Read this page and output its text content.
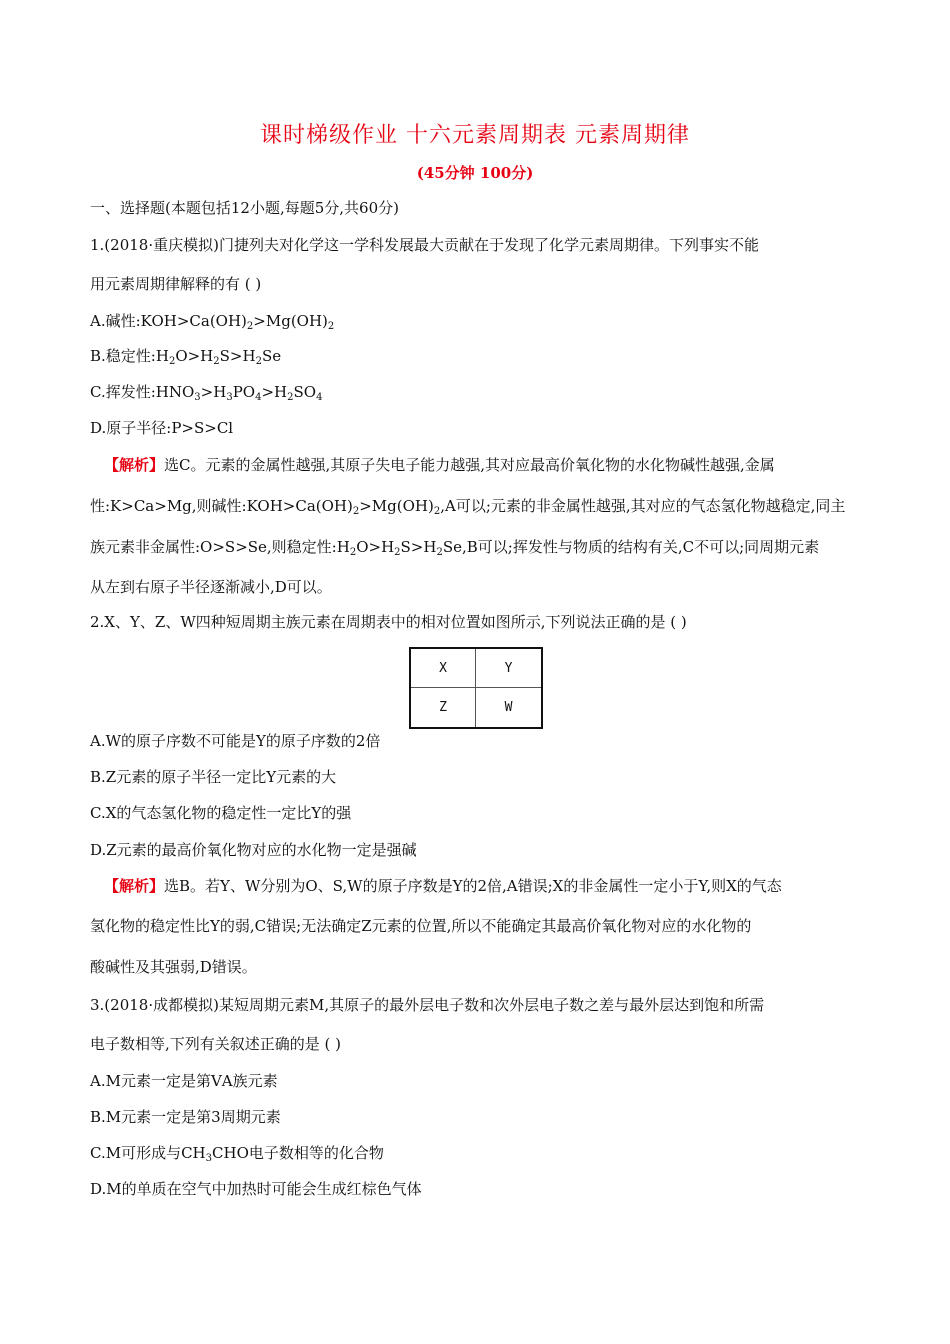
课时梯级作业 十六元素周期表 元素周期律
(45分钟 100分)
一、选择题(本题包括12小题,每题5分,共60分)
1.(2018·重庆模拟)门捷列夫对化学这一学科发展最大贡献在于发现了化学元素周期律。下列事实不能
用元素周期律解释的有 ( )
A.碱性$:KOH>Ca(OH)_2>Mg(OH)_2$
B.稳定性$:H_2O>H_2S>H_2Se$
C.挥发性$:HNO_3>H_3PO_4>H_2SO_4$
D.原子半径:P>S>Cl
【解析】选C。元素的金属性越强,其原子失电子能力越强,其对应最高价氧化物的水化物碱性越强,金属
性:K>Ca>Mg,则碱性$:KOH>Ca(OH)_2>Mg(OH)_2,A$可以;元素的非金属性越强,其对应的气态氢化物越稳定,同主
族元素非金属性:O>S>Se,则稳定性$:H_2O>H_2S>H_2Se,B$可以;挥发性与物质的结构有关,C不可以;同周期元素
从左到右原子半径逐渐减小,D可以。
2.X、Y、Z、W四种短周期主族元素在周期表中的相对位置如图所示,下列说法正确的是 ( )
X	Y
Z	W
A.W的原子序数不可能是Y的原子序数的2倍
B.Z元素的原子半径一定比Y元素的大
C.X的气态氢化物的稳定性一定比Y的强
D.Z元素的最高价氧化物对应的水化物一定是强碱
【解析】选B。若Y、W分别为O、S,W的原子序数是Y的2倍,A错误;X的非金属性一定小于Y,则X的气态
氢化物的稳定性比Y的弱,C错误;无法确定Z元素的位置,所以不能确定其最高价氧化物对应的水化物的
酸碱性及其强弱,D错误。
3.(2018·成都模拟)某短周期元素M,其原子的最外层电子数和次外层电子数之差与最外层达到饱和所需
电子数相等,下列有关叙述正确的是 ( )
A.M元素一定是第ⅤA族元素
B.M元素一定是第3周期元素
C.M可形成与$CH_3CHO$电子数相等的化合物
D.M的单质在空气中加热时可能会生成红棕色气体
